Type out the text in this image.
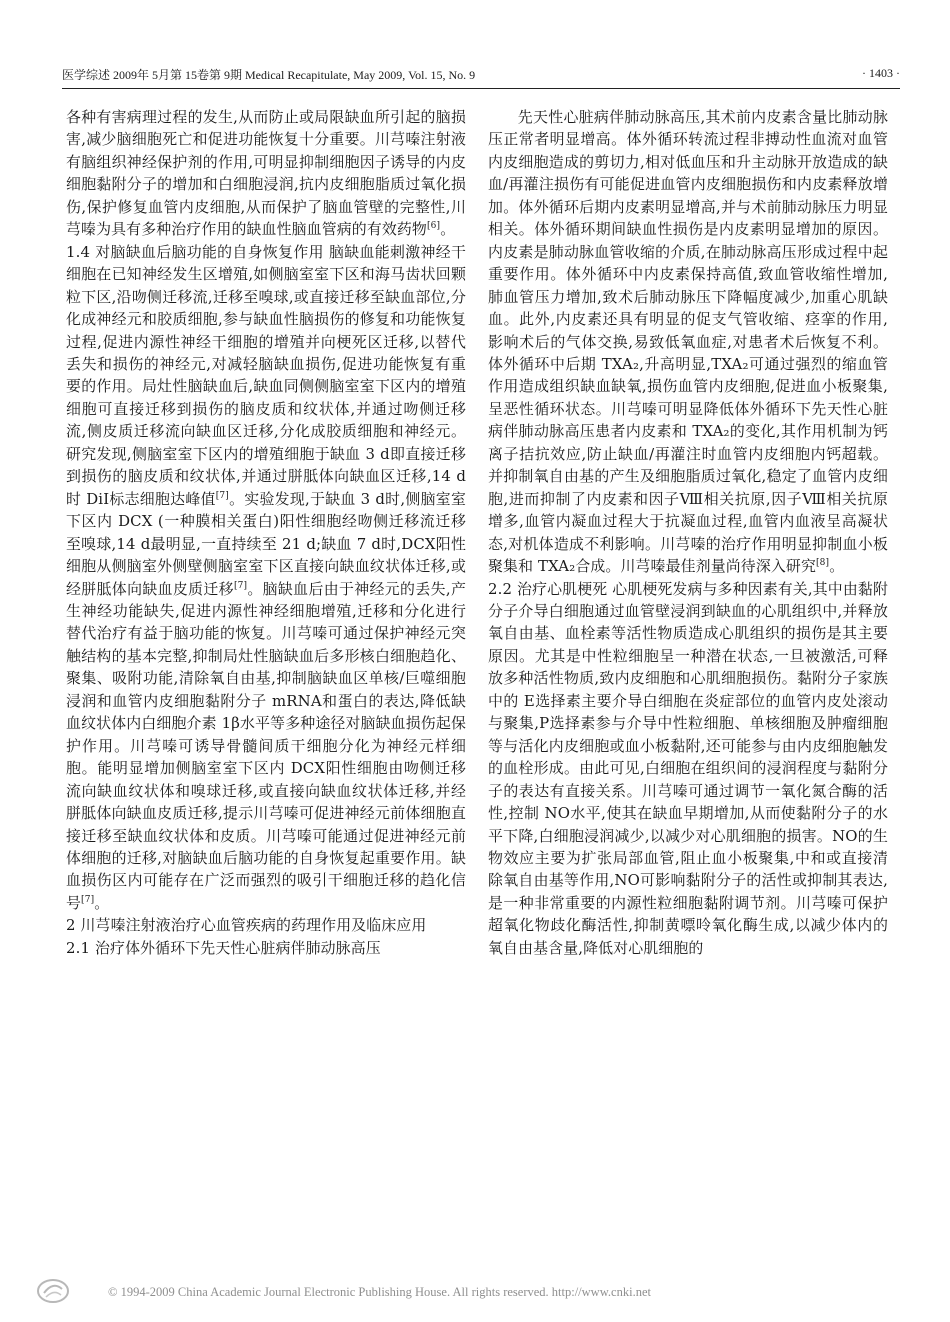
医学综述 2009年 5月第 15卷第 9期 Medical Recapitulate, May 2009, Vol. 15, No. 9	· 1403 ·

各种有害病理过程的发生,从而防止或局限缺血所引起的脑损害,减少脑细胞死亡和促进功能恢复十分重要。川芎嗪注射液有脑组织神经保护剂的作用,可明显抑制细胞因子诱导的内皮细胞黏附分子的增加和白细胞浸润,抗内皮细胞脂质过氧化损伤,保护修复血管内皮细胞,从而保护了脑血管壁的完整性,川芎嗪为具有多种治疗作用的缺血性脑血管病的有效药物[6]。

1.4 对脑缺血后脑功能的自身恢复作用 脑缺血能刺激神经干细胞在已知神经发生区增殖,如侧脑室室下区和海马齿状回颗粒下区,沿吻侧迁移流,迁移至嗅球,或直接迁移至缺血部位,分化成神经元和胶质细胞,参与缺血性脑损伤的修复和功能恢复过程,促进内源性神经干细胞的增殖并向梗死区迁移,以替代丢失和损伤的神经元,对减轻脑缺血损伤,促进功能恢复有重要的作用。局灶性脑缺血后,缺血同侧侧脑室室下区内的增殖细胞可直接迁移到损伤的脑皮质和纹状体,并通过吻侧迁移流,侧皮质迁移流向缺血区迁移,分化成胶质细胞和神经元。研究发现,侧脑室室下区内的增殖细胞于缺血 3 d即直接迁移到损伤的脑皮质和纹状体,并通过胼胝体向缺血区迁移,14 d时 DiI标志细胞达峰值[7]。实验发现,于缺血 3 d时,侧脑室室下区内 DCX (一种膜相关蛋白)阳性细胞经吻侧迁移流迁移至嗅球,14 d最明显,一直持续至 21 d;缺血 7 d时,DCX阳性细胞从侧脑室外侧壁侧脑室室下区直接向缺血纹状体迁移,或经胼胝体向缺血皮质迁移[7]。脑缺血后由于神经元的丢失,产生神经功能缺失,促进内源性神经细胞增殖,迁移和分化进行替代治疗有益于脑功能的恢复。川芎嗪可通过保护神经元突触结构的基本完整,抑制局灶性脑缺血后多形核白细胞趋化、聚集、吸附功能,清除氧自由基,抑制脑缺血区单核/巨噬细胞浸润和血管内皮细胞黏附分子 mRNA和蛋白的表达,降低缺血纹状体内白细胞介素 1β水平等多种途径对脑缺血损伤起保护作用。川芎嗪可诱导骨髓间质干细胞分化为神经元样细胞。能明显增加侧脑室室下区内 DCX阳性细胞由吻侧迁移流向缺血纹状体和嗅球迁移,或直接向缺血纹状体迁移,并经胼胝体向缺血皮质迁移,提示川芎嗪可促进神经元前体细胞直接迁移至缺血纹状体和皮质。川芎嗪可能通过促进神经元前体细胞的迁移,对脑缺血后脑功能的自身恢复起重要作用。缺血损伤区内可能存在广泛而强烈的吸引干细胞迁移的趋化信号[7]。

2 川芎嗪注射液治疗心血管疾病的药理作用及临床应用

2.1 治疗体外循环下先天性心脏病伴肺动脉高压

先天性心脏病伴肺动脉高压,其术前内皮素含量比肺动脉压正常者明显增高。体外循环转流过程非搏动性血流对血管内皮细胞造成的剪切力,相对低血压和升主动脉开放造成的缺血/再灌注损伤有可能促进血管内皮细胞损伤和内皮素释放增加。体外循环后期内皮素明显增高,并与术前肺动脉压力明显相关。体外循环期间缺血性损伤是内皮素明显增加的原因。内皮素是肺动脉血管收缩的介质,在肺动脉高压形成过程中起重要作用。体外循环中内皮素保持高值,致血管收缩性增加,肺血管压力增加,致术后肺动脉压下降幅度减少,加重心肌缺血。此外,内皮素还具有明显的促支气管收缩、痉挛的作用,影响术后的气体交换,易致低氧血症,对患者术后恢复不利。体外循环中后期 TXA₂,升高明显,TXA₂可通过强烈的缩血管作用造成组织缺血缺氧,损伤血管内皮细胞,促进血小板聚集,呈恶性循环状态。川芎嗪可明显降低体外循环下先天性心脏病伴肺动脉高压患者内皮素和 TXA₂的变化,其作用机制为钙离子拮抗效应,防止缺血/再灌注时血管内皮细胞内钙超载。并抑制氧自由基的产生及细胞脂质过氧化,稳定了血管内皮细胞,进而抑制了内皮素和因子Ⅷ相关抗原,因子Ⅷ相关抗原增多,血管内凝血过程大于抗凝血过程,血管内血液呈高凝状态,对机体造成不利影响。川芎嗪的治疗作用明显抑制血小板聚集和 TXA₂合成。川芎嗪最佳剂量尚待深入研究[8]。

2.2 治疗心肌梗死 心肌梗死发病与多种因素有关,其中由黏附分子介导白细胞通过血管壁浸润到缺血的心肌组织中,并释放氧自由基、血栓素等活性物质造成心肌组织的损伤是其主要原因。尤其是中性粒细胞呈一种潜在状态,一旦被激活,可释放多种活性物质,致内皮细胞和心肌细胞损伤。黏附分子家族中的 E选择素主要介导白细胞在炎症部位的血管内皮处滚动与聚集,P选择素参与介导中性粒细胞、单核细胞及肿瘤细胞等与活化内皮细胞或血小板黏附,还可能参与由内皮细胞触发的血栓形成。由此可见,白细胞在组织间的浸润程度与黏附分子的表达有直接关系。川芎嗪可通过调节一氧化氮合酶的活性,控制 NO水平,使其在缺血早期增加,从而使黏附分子的水平下降,白细胞浸润减少,以减少对心肌细胞的损害。NO的生物效应主要为扩张局部血管,阻止血小板聚集,中和或直接清除氧自由基等作用,NO可影响黏附分子的活性或抑制其表达,是一种非常重要的内源性粒细胞黏附调节剂。川芎嗪可保护超氧化物歧化酶活性,抑制黄嘌呤氧化酶生成,以减少体内的氧自由基含量,降低对心肌细胞的

© 1994-2009 China Academic Journal Electronic Publishing House. All rights reserved. http://www.cnki.net
